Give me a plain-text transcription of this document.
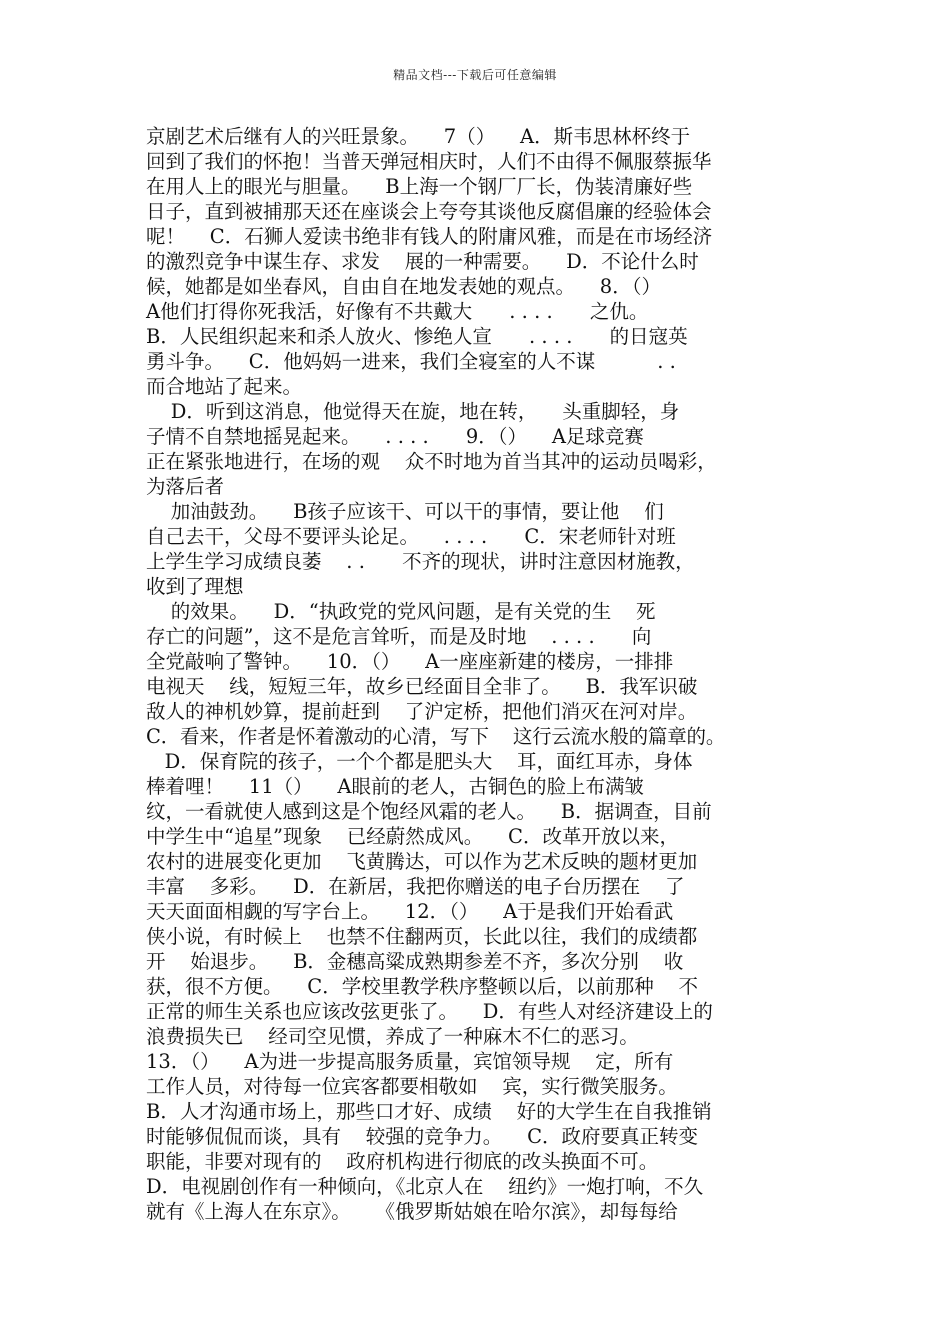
精品文档---下载后可任意编辑
京剧艺术后继有人的兴旺景象。    7（）    A．斯韦思林杯终于
回到了我们的怀抱！当普天弹冠相庆时，人们不由得不佩服蔡振华
在用人上的眼光与胆量。    B上海一个钢厂厂长，伪装清廉好些
日子，直到被捕那天还在座谈会上夸夸其谈他反腐倡廉的经验体会
呢！    C．石狮人爱读书绝非有钱人的附庸风雅，而是在市场经济
的激烈竞争中谋生存、求发    展的一种需要。    D．不论什么时
候，她都是如坐春风，自由自在地发表她的观点。    8．（）
A他们打得你死我活，好像有不共戴大      . . . .      之仇。
B．人民组织起来和杀人放火、惨绝人宣      . . . .      的日寇英
勇斗争。    C．他妈妈一进来，我们全寝室的人不谋          . .
而合地站了起来。
D．听到这消息，他觉得天在旋，地在转，    头重脚轻，身
子情不自禁地摇晃起来。    . . . .      9．（）    A足球竞赛
正在紧张地进行，在场的观    众不时地为首当其冲的运动员喝彩，
为落后者
加油鼓劲。    B孩子应该干、可以干的事情，要让他    们
自己去干，父母不要评头论足。    . . . .      C．宋老师针对班
上学生学习成绩良萎    . .      不齐的现状，讲时注意因材施教，
收到了理想
的效果。    D．“执政党的党风问题，是有关党的生    死
存亡的问题”，这不是危言耸听，而是及时地    . . . .      向
全党敲响了警钟。    10．（）    A一座座新建的楼房，一排排
电视天    线，短短三年，故乡已经面目全非了。    B．我军识破
敌人的神机妙算，提前赶到    了沪定桥，把他们消灭在河对岸。
C．看来，作者是怀着激动的心清，写下    这行云流水般的篇章的。
D．保育院的孩子，一个个都是肥头大    耳，面红耳赤，身体
棒着哩！    11（）    A眼前的老人，古铜色的脸上布满皱
纹，一看就使人感到这是个饱经风霜的老人。    B．据调查，目前
中学生中“追星”现象    已经蔚然成风。    C．改革开放以来，
农村的进展变化更加    飞黄腾达，可以作为艺术反映的题材更加
丰富    多彩。    D．在新居，我把你赠送的电子台历摆在    了
天天面面相觑的写字台上。    12．（）    A于是我们开始看武
侠小说，有时候上    也禁不住翻两页，长此以往，我们的成绩都
开    始退步。    B．金穗高粱成熟期参差不齐，多次分别    收
获，很不方便。    C．学校里教学秩序整顿以后，以前那种    不
正常的师生关系也应该改弦更张了。    D．有些人对经济建设上的
浪费损失已    经司空见惯，养成了一种麻木不仁的恶习。
13．（）    A为进一步提高服务质量，宾馆领导规    定，所有
工作人员，对待每一位宾客都要相敬如    宾，实行微笑服务。
B．人才沟通市场上，那些口才好、成绩    好的大学生在自我推销
时能够侃侃而谈，具有    较强的竞争力。    C．政府要真正转变
职能，非要对现有的    政府机构进行彻底的改头换面不可。
D．电视剧创作有一种倾向，《北京人在    纽约》一炮打响，不久
就有《上海人在东京》。    《俄罗斯姑娘在哈尔滨》，却每每给
